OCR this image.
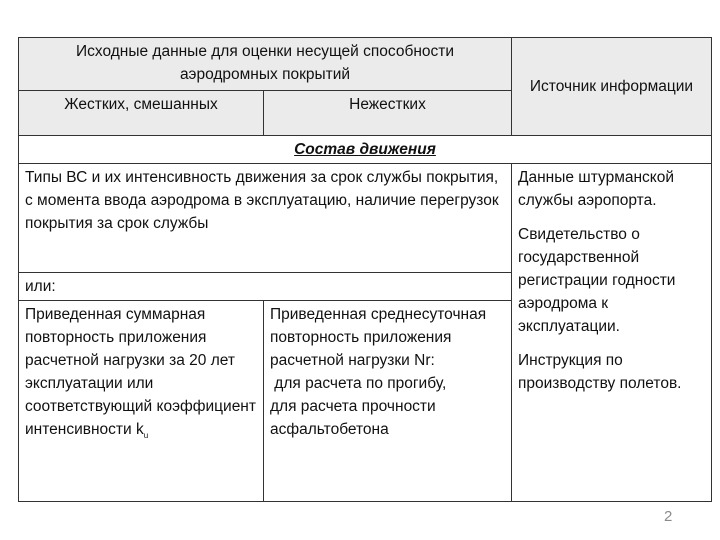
Исходные данные для оценки несущей способности аэродромных покрытий		Источник информации
Жестких, смешанных	Нежестких	
Состав движения		
Типы ВС и их интенсивность движения за срок службы покрытия, с момента ввода аэродрома в эксплуатацию, наличие перегрузок покрытия за срок службы		Данные штурманской службы аэропорта.

Свидетельство о государственной регистрации годности аэродрома к эксплуатации.

Инструкция по производству полетов.

или:		
Приведенная суммарная повторность приложения расчетной нагрузки за 20 лет эксплуатации или соответствующий коэффициент интенсивности $k_u$	Приведенная среднесуточная повторность приложения расчетной нагрузки Nr:
для расчета по прогибу,
для расчета прочности асфальтобетона	
2
